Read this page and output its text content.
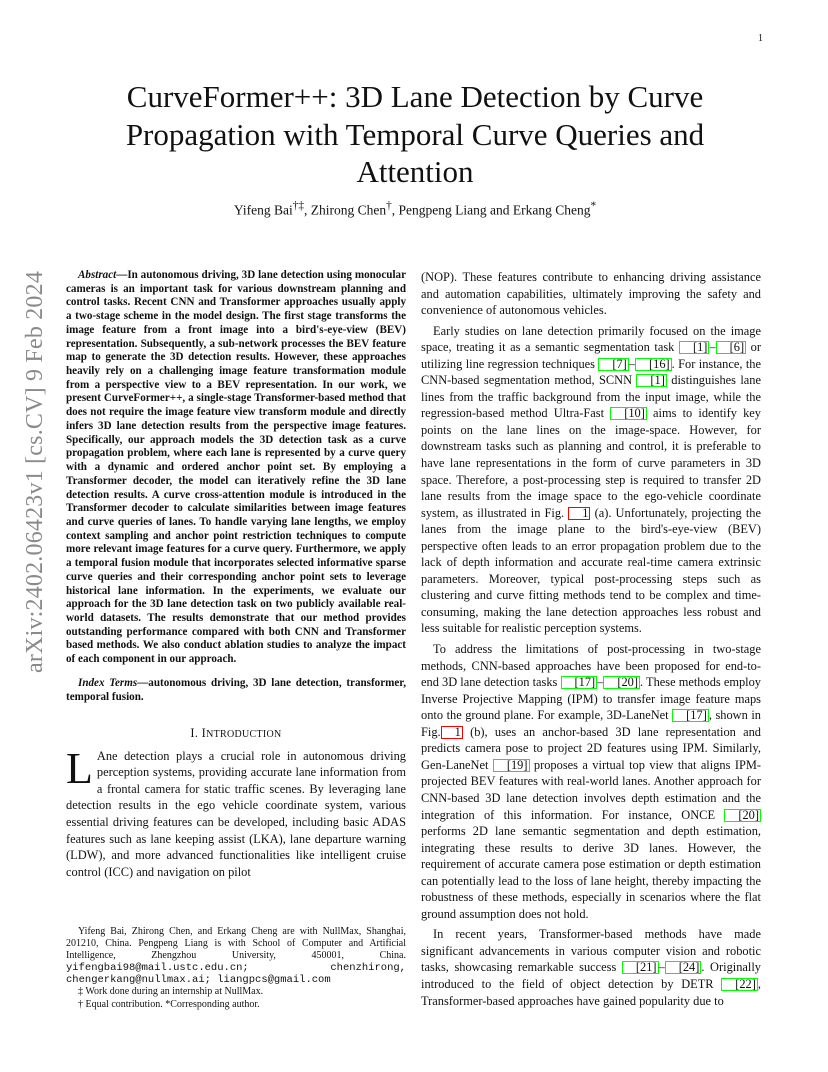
1
arXiv:2402.06423v1 [cs.CV] 9 Feb 2024
CurveFormer++: 3D Lane Detection by Curve Propagation with Temporal Curve Queries and Attention
Yifeng Bai†‡, Zhirong Chen†, Pengpeng Liang and Erkang Cheng*

Abstract—In autonomous driving, 3D lane detection using monocular cameras is an important task for various downstream planning and control tasks. Recent CNN and Transformer approaches usually apply a two-stage scheme in the model design. The first stage transforms the image feature from a front image into a bird's-eye-view (BEV) representation. Subsequently, a sub-network processes the BEV feature map to generate the 3D detection results. However, these approaches heavily rely on a challenging image feature transformation module from a perspective view to a BEV representation. In our work, we present CurveFormer++, a single-stage Transformer-based method that does not require the image feature view transform module and directly infers 3D lane detection results from the perspective image features. Specifically, our approach models the 3D detection task as a curve propagation problem, where each lane is represented by a curve query with a dynamic and ordered anchor point set. By employing a Transformer decoder, the model can iteratively refine the 3D lane detection results. A curve cross-attention module is introduced in the Transformer decoder to calculate similarities between image features and curve queries of lanes. To handle varying lane lengths, we employ context sampling and anchor point restriction techniques to compute more relevant image features for a curve query. Furthermore, we apply a temporal fusion module that incorporates selected informative sparse curve queries and their corresponding anchor point sets to leverage historical lane information. In the experiments, we evaluate our approach for the 3D lane detection task on two publicly available real-world datasets. The results demonstrate that our method provides outstanding performance compared with both CNN and Transformer based methods. We also conduct ablation studies to analyze the impact of each component in our approach.

Index Terms—autonomous driving, 3D lane detection, transformer, temporal fusion.

I. INTRODUCTION

L Ane detection plays a crucial role in autonomous driving perception systems, providing accurate lane information from a frontal camera for static traffic scenes. By leveraging lane detection results in the ego vehicle coordinate system, various essential driving features can be developed, including basic ADAS features such as lane keeping assist (LKA), lane departure warning (LDW), and more advanced functionalities like intelligent cruise control (ICC) and navigation on pilot

Yifeng Bai, Zhirong Chen, and Erkang Cheng are with NullMax, Shanghai, 201210, China. Pengpeng Liang is with School of Computer and Artificial Intelligence, Zhengzhou University, 450001, China. yifengbai98@mail.ustc.edu.cn; chenzhirong, chengerkang@nullmax.ai; liangpcs@gmail.com

‡ Work done during an internship at NullMax.

† Equal contribution. *Corresponding author.

(NOP). These features contribute to enhancing driving assistance and automation capabilities, ultimately improving the safety and convenience of autonomous vehicles.

Early studies on lane detection primarily focused on the image space, treating it as a semantic segmentation task [1] – [6] or utilizing line regression techniques [7] – [16] . For instance, the CNN-based segmentation method, SCNN [1] distinguishes lane lines from the traffic background from the input image, while the regression-based method Ultra-Fast [10] aims to identify key points on the lane lines on the image-space. However, for downstream tasks such as planning and control, it is preferable to have lane representations in the form of curve parameters in 3D space. Therefore, a post-processing step is required to transfer 2D lane results from the image space to the ego-vehicle coordinate system, as illustrated in Fig. 1 (a). Unfortunately, projecting the lanes from the image plane to the bird's-eye-view (BEV) perspective often leads to an error propagation problem due to the lack of depth information and accurate real-time camera extrinsic parameters. Moreover, typical post-processing steps such as clustering and curve fitting methods tend to be complex and time-consuming, making the lane detection approaches less robust and less suitable for realistic perception systems.

To address the limitations of post-processing in two-stage methods, CNN-based approaches have been proposed for end-to-end 3D lane detection tasks [17] – [20] . These methods employ Inverse Projective Mapping (IPM) to transfer image feature maps onto the ground plane. For example, 3D-LaneNet [17] , shown in Fig. 1 (b), uses an anchor-based 3D lane representation and predicts camera pose to project 2D features using IPM. Similarly, Gen-LaneNet [19] proposes a virtual top view that aligns IPM-projected BEV features with real-world lanes. Another approach for CNN-based 3D lane detection involves depth estimation and the integration of this information. For instance, ONCE [20] performs 2D lane semantic segmentation and depth estimation, integrating these results to derive 3D lanes. However, the requirement of accurate camera pose estimation or depth estimation can potentially lead to the loss of lane height, thereby impacting the robustness of these methods, especially in scenarios where the flat ground assumption does not hold.

In recent years, Transformer-based methods have made significant advancements in various computer vision and robotic tasks, showcasing remarkable success [21] – [24] . Originally introduced to the field of object detection by DETR [22] , Transformer-based approaches have gained popularity due to
